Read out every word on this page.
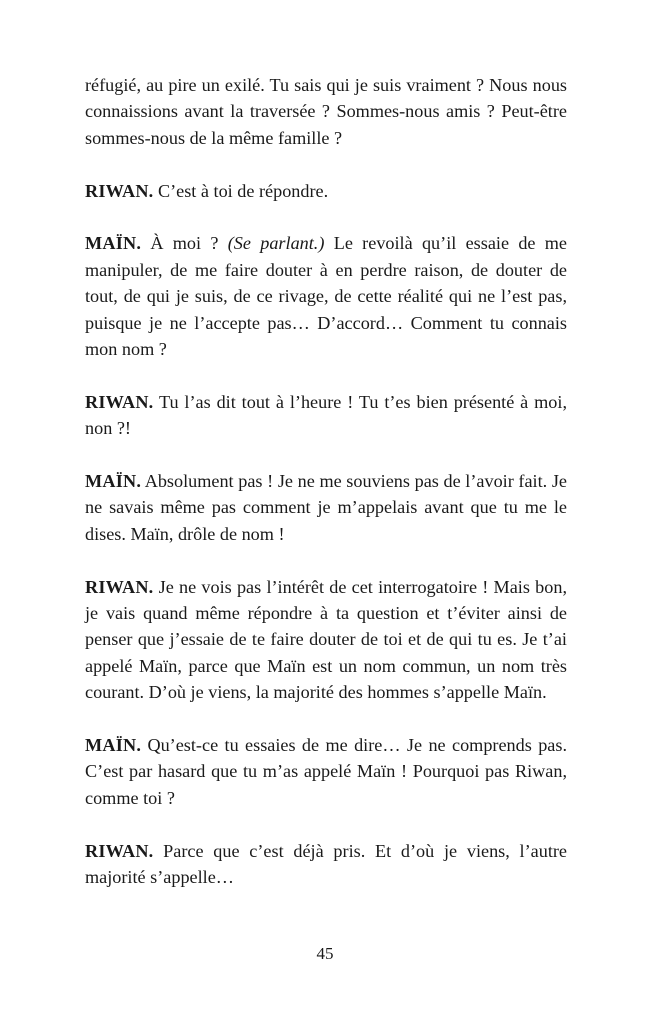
réfugié, au pire un exilé. Tu sais qui je suis vraiment ? Nous nous connaissions avant la traversée ? Sommes-nous amis ? Peut-être sommes-nous de la même famille ?

RIWAN. C’est à toi de répondre.

MAÏN. À moi ? (Se parlant.) Le revoilà qu’il essaie de me manipuler, de me faire douter à en perdre raison, de douter de tout, de qui je suis, de ce rivage, de cette réalité qui ne l’est pas, puisque je ne l’accepte pas… D’accord… Comment tu connais mon nom ?

RIWAN. Tu l’as dit tout à l’heure ! Tu t’es bien présenté à moi, non ?!

MAÏN. Absolument pas ! Je ne me souviens pas de l’avoir fait. Je ne savais même pas comment je m’appelais avant que tu me le dises. Maïn, drôle de nom !

RIWAN. Je ne vois pas l’intérêt de cet interrogatoire ! Mais bon, je vais quand même répondre à ta question et t’éviter ainsi de penser que j’essaie de te faire douter de toi et de qui tu es. Je t’ai appelé Maïn, parce que Maïn est un nom commun, un nom très courant. D’où je viens, la majorité des hommes s’appelle Maïn.

MAÏN. Qu’est-ce tu essaies de me dire… Je ne comprends pas. C’est par hasard que tu m’as appelé Maïn ! Pourquoi pas Riwan, comme toi ?

RIWAN. Parce que c’est déjà pris. Et d’où je viens, l’autre majorité s’appelle…

45
